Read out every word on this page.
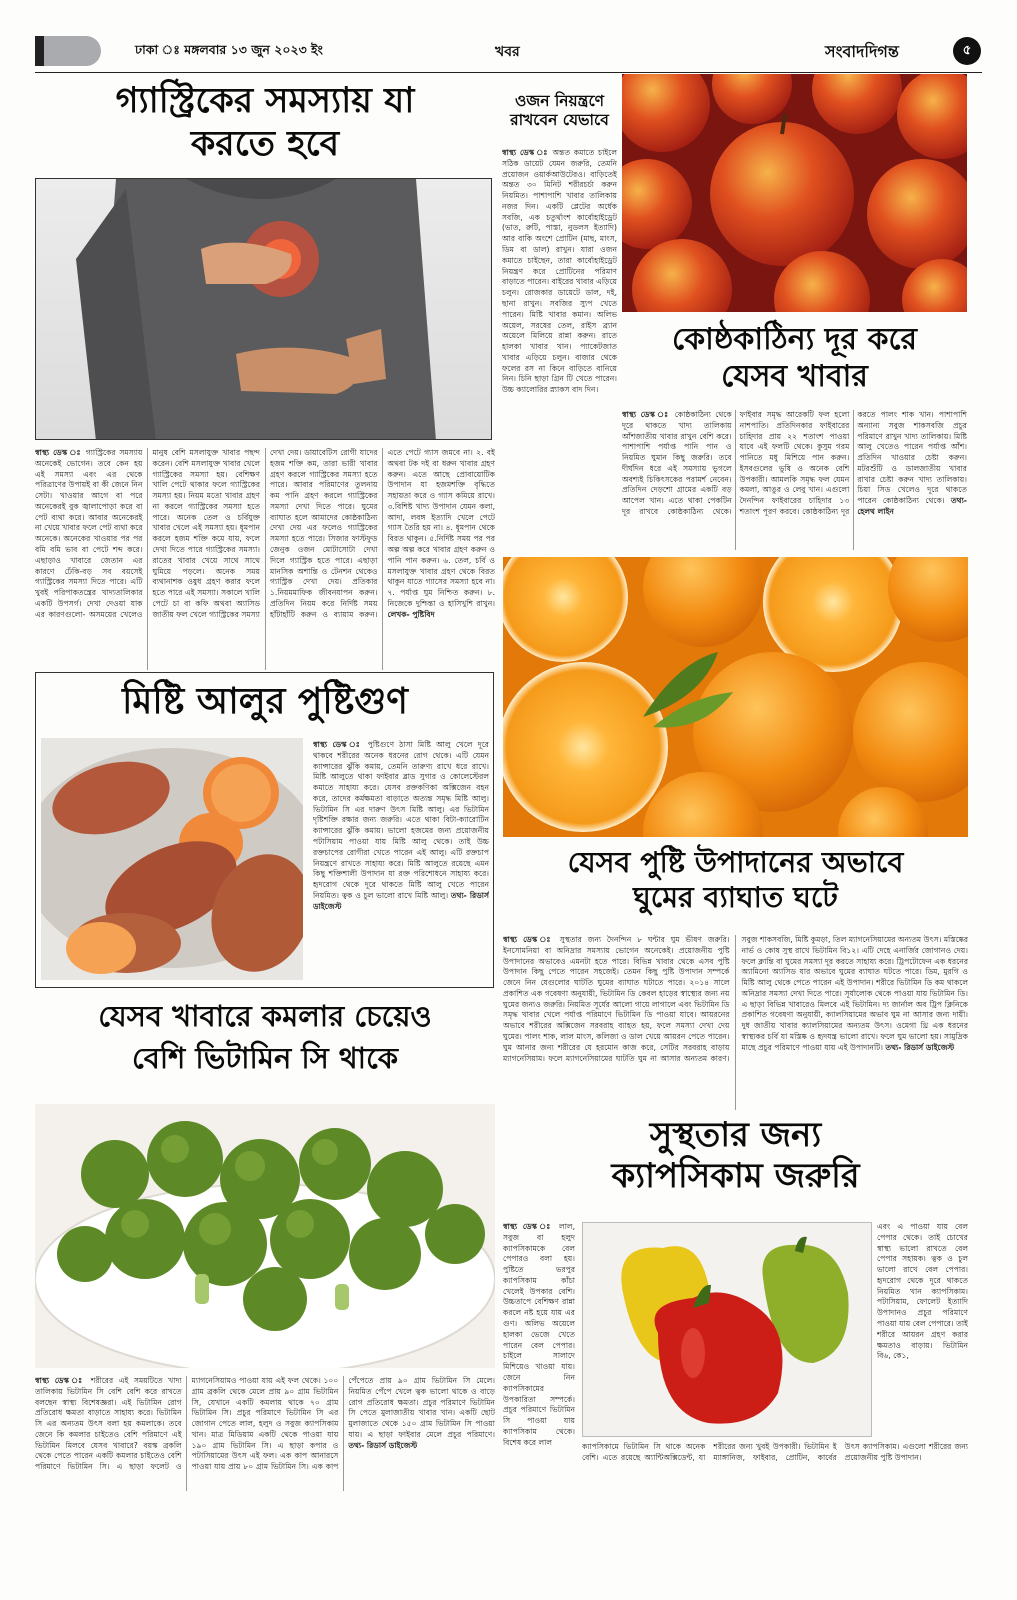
ঢাকা ঃ মঙ্গলবার ১৩ জুন ২০২৩ ইং	খবর	সংবাদদিগন্ত	৫
গ্যাস্ট্রিকের সমস্যায় যা
করতে হবে
স্বাস্থ্য ডেস্ক ঃ গ্যাস্ট্রিকের সমস্যায় অনেকেই ভোগেন। তবে কেন হয় এই সমস্যা এবং এর থেকে পরিত্রাণের উপায়ই বা কী জেনে নিন সেটা। খাওয়ার আগে বা পরে অনেকেরই বুক জ্বালাপোড়া করে বা পেট ব্যথা করে। আবার অনেকেরই না খেয়ে খাবার ফলে পেট ব্যথা করে অনেকে। অনেকের খাওয়ার পর পর বমি বমি ভাব বা পেটে শব্দ করে। এছাড়াও খাবারে জেতান এর কারণে ঢেঁকি-বড় সব বয়সেই গ্যাস্ট্রিকের সমস্যা দিতে পারে। এটি খুবই পরিপাকতন্ত্রের খাদ্যতালিকার একটি উপসর্গ। দেখা দেওয়া যাক এর কারণগুলো- অসময়ের খেলেও মানুষ বেশি মসলাযুক্ত খাবার পছন্দ করেন। বেশি মসলাযুক্ত খাবার খেলে গ্যাস্ট্রিকের সমস্যা হয়। বেশিক্ষণ খালি পেটে থাকার ফলে গ্যাস্ট্রিকের সমস্যা হয়। নিয়ম মতো খাবার গ্রহণ না করলে গ্যাস্ট্রিকের সমস্যা হতে পারে। অনেক তেল ও চর্বিযুক্ত খাবার খেলে এই সমস্যা হয়। ধূমপান করলে হজম শক্তি কমে যায়, ফলে দেখা দিতে পারে গ্যাস্ট্রিকের সমস্যা। রাতের খাবার খেয়ে সাথে সাথে ঘুমিয়ে পড়লে। অনেক সময় ব্যথানাশক ওষুধ গ্রহণ করার ফলে হতে পারে এই সমস্যা। সকালে খালি পেটে চা বা কফি অথবা অ্যাসিড জাতীয় ফল খেলে গ্যাস্ট্রিকের সমস্যা দেখা দেয়। ডায়াবেটিস রোগী যাদের হজম শক্তি কম, তারা ভারী খাবার গ্রহণ করলে গ্যাস্ট্রিকের সমস্যা হতে পারে। আবার পরিমাণের তুলনায় কম পানি গ্রহণ করলে গ্যাস্ট্রিকের সমস্যা দেখা দিতে পারে। ঘুমের ব্যাঘাত হলে আমাদের কোষ্ঠকাঠিন্য দেখা দেয় এর ফলেও গ্যাস্ট্রিকের সমস্যা হতে পারে। সিজার ফাস্টফুড জেনুক ওজন মোটাসোটা দেখা দিলে গ্যাস্ট্রিক হতে পারে। এছাড়া মানসিক অশান্তি ও টেনশন থেকেও গ্যাস্ট্রিক দেখা দেয়। প্রতিকার ১.নিয়মমাফিক জীবনযাপন করুন। প্রতিদিন নিয়ম করে নির্দিষ্ট সময় হাঁটাহাঁটি করুন ও ব্যায়াম করুন। এতে পেটে গ্যাস জমবে না। ২. বই অথবা টক দই বা ধরুন খাবার গ্রহণ করুন। এতে আছে প্রোবায়োটিক উপাদান যা হজমশক্তি বৃদ্ধিতে সহায়তা করে ও গ্যাস কমিয়ে রাখে। ৩.বিশিষ্ট খাদ্য উপাদান যেমন কলা, আদা, লবঙ্গ ইত্যাদি খেলে পেটে গ্যাস তৈরি হয় না। ৪. ধূমপান থেকে বিরত থাকুন। ৫.নির্দিষ্ট সময় পর পর অল্প অল্প করে খাবার গ্রহণ করুন ও পানি পান করুন। ৬. তেল, চর্বি ও মসলাযুক্ত খাবার গ্রহণ থেকে বিরত থাকুন যাতে গ্যাসের সমস্যা হবে না। ৭. পর্যাপ্ত ঘুম নিশ্চিত করুন। ৮. নিজেকে দুশ্চিন্তা ও হাসিখুশি রাখুন। লেখক- পুষ্টিবিদ
ওজন নিয়ন্ত্রণে
রাখবেন যেভাবে
স্বাস্থ্য ডেস্ক ঃ অন্তত কমাতে চাইলে সঠিক ডায়েট যেমন জরুরি, তেমনি প্রয়োজন ওয়ার্কআউটেরও। বাড়িতেই অন্তত ৩০ মিনিট শরীরচর্চা করুন নিয়মিত। পাশাপাশি খাবার তালিকায় নজর দিন। একটি প্লেটের অর্ধেক সবজি, এক চতুর্থাংশ কার্বোহাইড্রেট (ভাত, রুটি, পাস্তা, নুডলস ইত্যাদি) আর বাকি অংশে প্রোটিন (মাছ, মাংস, ডিম বা ডাল) রাখুন। যারা ওজন কমাতে চাইছেন, তারা কার্বোহাইড্রেট নিয়ন্ত্রণ করে প্রোটিনের পরিমাণ বাড়াতে পারেন। বাইরের খাবার এড়িয়ে চলুন। রোজকার ডায়েটে ডাল, দই, ছানা রাখুন। সবজির স্যুপ খেতে পারেন। মিষ্টি খাবার কমান। অলিভ অয়েল, সরষের তেল, রাইস ব্র্যান অয়েলে মিলিয়ে রান্না করুন। রাতে হালকা খাবার খান। প্যাকেটজাত খাবার এড়িয়ে চলুন। বাজার থেকে ফলের রস না কিনে বাড়িতে বানিয়ে নিন। চিনি ছাড়া গ্রিন টি খেতে পারেন। উচ্চ ক্যালোরির স্ন্যাকস বাদ দিন।
কোষ্ঠকাঠিন্য দূর করে
যেসব খাবার
স্বাস্থ্য ডেস্ক ঃ কোষ্ঠকাঠিন্য থেকে দূরে থাকতে খাদ্য তালিকায় আঁশজাতীয় খাবার রাখুন বেশি করে। পাশাপাশি পর্যাপ্ত পানি পান ও নিয়মিত ঘুমান কিছু জরুরি। তবে দীর্ঘদিন ধরে এই সমস্যায় ভুগলে অবশ্যই চিকিৎসকের পরামর্শ নেবেন। প্রতিদিন দেড়শো গ্রামের একটি বড় আপেল খান। এতে থাকা পেকটিন দূর রাখবে কোষ্ঠকাঠিন্য থেকে। ফাইবার সমৃদ্ধ আরেকটি ফল হলো নাশপাতি। প্রতিদিনকার ফাইবারের চাহিদার প্রায় ২২ শতাংশ পাওয়া যাবে এই ফলটি থেকে। কুসুম গরম পানিতে মধু মিশিয়ে পান করুন। ইসবগুলের ভুষি ও অনেক বেশি উপকারী। আমলকি সমৃদ্ধ ফল যেমন কমলা, আঙুর ও লেবু খান। এগুলো দৈনন্দিন ফাইবারের চাহিদার ১৩ শতাংশ পূরণ করবে। কোষ্ঠকাঠিন্য দূর করতে পালং শাক খান। পাশাপাশি অন্যান্য সবুজ শাকসবজি প্রচুর পরিমাণে রাখুন খাদ্য তালিকায়। মিষ্টি আলু খেতেও পারেন পর্যাপ্ত আঁশ। প্রতিদিন খাওয়ার চেষ্টা করুন। মটরশুঁটি ও ডালজাতীয় খাবার রাখার চেষ্টা করুন খাদ্য তালিকায়। চিয়া সিড খেলেও দূরে থাকতে পারেন কোষ্ঠকাঠিন্য থেকে। তথ্য- হেলথ লাইন
মিষ্টি আলুর পুষ্টিগুণ
স্বাস্থ্য ডেস্ক ঃ পুষ্টিগুণে ঠাসা মিষ্টি আলু খেলে দূরে থাকবে শরীরের অনেক ধরনের রোগ থেকে। এটি যেমন ক্যান্সারের ঝুঁকি কমায়, তেমনি তারুণ্য রাখে ধরে রাখে। মিষ্টি আলুতে থাকা ফাইবার ব্লাড সুগার ও কোলেস্টেরল কমাতে সাহায্য করে। যেসব রক্তকণিকা অক্সিজেন বহন করে, তাদের কর্মক্ষমতা বাড়াতে অত্যন্ত সমৃদ্ধ মিষ্টি আলু। ভিটামিন সি এর দারুণ উৎস মিষ্টি আলু। এর ভিটামিন দৃষ্টিশক্তি রক্ষার জন্য জরুরি। এতে থাকা বিটা-ক্যারোটিন ক্যান্সারের ঝুঁকি কমায়। ভালো হজমের জন্য প্রয়োজনীয় পটাসিয়াম পাওয়া যায় মিষ্টি আলু থেকে। তাই উচ্চ রক্তচাপের রোগীরা খেতে পারেন এই আলু। এটি রক্তচাপ নিয়ন্ত্রণে রাখতে সাহায্য করে। মিষ্টি আলুতে রয়েছে এমন কিছু শক্তিশালী উপাদান যা রক্ত পরিশোধনে সাহায্য করে। হৃদরোগ থেকে দূরে থাকতে মিষ্টি আলু খেতে পারেন নিয়মিত। ত্বক ও চুল ভালো রাখে মিষ্টি আলু। তথ্য- রিডার্স ডাইজেস্ট
যেসব পুষ্টি উপাদানের অভাবে
ঘুমের ব্যাঘাত ঘটে
স্বাস্থ্য ডেস্ক ঃ সুস্থতার জন্য দৈনন্দিন ৮ ঘন্টার ঘুম ভীষণ জরুরি। ইনসোমনিয়া বা অনিদ্রার সমস্যায় ভোগেন অনেকেই। প্রয়োজনীয় পুষ্টি উপাদানের অভাবেও এমনটা হতে পারে। বিভিন্ন খাবার থেকে এসব পুষ্টি উপাদান কিছু পেতে পারেন সহজেই। তেমন কিছু পুষ্টি উপাদান সম্পর্কে জেনে নিন যেগুলোর ঘাটতি ঘুমের ব্যাঘাত ঘটাতে পারে। ২০১৪ সালে প্রকাশিত এক গবেষণা অনুযায়ী, ভিটামিন ডি কেবল হাড়ের স্বাস্থ্যের জন্য নয় ঘুমের জন্যও জরুরি। নিয়মিত সূর্যের আলো গায়ে লাগালে এবং ভিটামিন ডি সমৃদ্ধ খাবার খেলে পর্যাপ্ত পরিমাণে ভিটামিন ডি পাওয়া যাবে। আয়রনের অভাবে শরীরের অক্সিজেন সরবরাহ ব্যাহত হয়, ফলে সমস্যা দেখা দেয় ঘুমের। পালং শাক, লাল মাংস, কলিজা ও ডাল খেয়ে আয়রন পেতে পারেন। ঘুম আনার জন্য শরীরের যে হরমোন কাজ করে, সেটির সরবরাহ বাড়ায় ম্যাগনেসিয়াম। ফলে ম্যাগনেসিয়ামের ঘাটতি ঘুম না আসার অন্যতম কারণ। সবুজ শাকসবজি, মিষ্টি কুমড়া, তিল ম্যাগনেসিয়ামের অন্যতম উৎস। মস্তিষ্কের নার্ভ ও কোষ সুস্থ রাখে ভিটামিন বি১২। এটি দেহে এনার্জির জোগানও দেয়। ফলে ক্লান্তি বা ঘুমের সমস্যা দূর করতে সাহায্য করে। ট্রিপটোফেন এক ধরনের অ্যামিনো অ্যাসিড যার অভাবে ঘুমের ব্যাঘাত ঘটতে পারে। ডিম, মুরগি ও মিষ্টি আলু থেকে পেতে পারেন এই উপাদান। শরীরে ভিটামিন ডি কম থাকলে অনিদ্রার সমস্যা দেখা দিতে পারে। সূর্যালোক থেকে পাওয়া যায় ভিটামিন ডি। এ ছাড়া বিভিন্ন খাবারেও মিলবে এই ভিটামিন। দ্য জার্নাল অব ট্রিপ ক্লিনিকে প্রকাশিত গবেষণা অনুযায়ী, ক্যালসিয়ামের অভাব ঘুম না আসার জন্য দায়ী। দুধ জাতীয় খাবার ক্যালসিয়ামের অন্যতম উৎস। ওমেগা থ্রি এক ধরনের স্বাস্থ্যকর চর্বি যা মস্তিষ্ক ও হৃদযন্ত্র ভালো রাখে। ফলে ঘুম ভালো হয়। সামুদ্রিক মাছে প্রচুর পরিমাণে পাওয়া যায় এই উপাদানটি। তথ্য- রিডার্স ডাইজেস্ট
যেসব খাবারে কমলার চেয়েও
বেশি ভিটামিন সি থাকে
স্বাস্থ্য ডেস্ক ঃ শরীরের এই সময়টিতে খাদ্য তালিকায় ভিটামিন সি বেশি বেশি করে রাখতে বলছেন স্বাস্থ্য বিশেষজ্ঞরা। এই ভিটামিন রোগ প্রতিরোধ ক্ষমতা বাড়াতে সাহায্য করে। ভিটামিন সি এর অন্যতম উৎস বলা হয় কমলাকে। তবে জেনে কি কমলার চাইতেও বেশি পরিমাণে এই ভিটামিন মিলবে যেসব খাবারে? বয়স্ক ব্রকলি থেকে পেতে পারেন একটি কমলার চাইতেও বেশি পরিমাণে ভিটামিন সি। এ ছাড়া ফলেট ও ম্যাগনেসিয়ামও পাওয়া যায় এই ফল থেকে। ১০০ গ্রাম ব্রকলি থেকে মেলে প্রায় ৯০ গ্রাম ভিটামিন সি, যেখানে একটি কমলায় থাকে ৭০ গ্রাম ভিটামিন সি। প্রচুর পরিমাণে ভিটামিন সি এর জোগান পেতে লাল, হলুদ ও সবুজ ক্যাপসিকাম খান। মাত্র মিডিয়াম একটি থেকে পাওয়া যায় ১৯০ গ্রাম ভিটামিন সি। এ ছাড়া কপার ও পটাসিয়ামের উৎস এই ফল। এক কাপ আনারসে পাওয়া যায় প্রায় ৮০ গ্রাম ভিটামিন সি। এক কাপ পেঁপেতে প্রায় ৯০ গ্রাম ভিটামিন সি মেলে। নিয়মিত পেঁপে খেলে ত্বক ভালো থাকে ও বাড়ে রোগ প্রতিরোধ ক্ষমতা। প্রচুর পরিমাণে ভিটামিন সি পেতে মুলাজাতীয় খাবার খান। একটি ছোট মুলাজাতে থেকে ১৫০ গ্রাম ভিটামিন সি পাওয়া যায়। এ ছাড়া ফাইবার মেলে প্রচুর পরিমাণে। তথ্য- রিডার্স ডাইজেস্ট
সুস্থতার জন্য
ক্যাপসিকাম জরুরি
স্বাস্থ্য ডেস্ক ঃ লাল, সবুজ বা হলুদ ক্যাপসিকামকে বেল পেপারও বলা হয়। পুষ্টিতে ভরপুর ক্যাপসিকাম কাঁচা খেলেই উপকার বেশি। উচ্চতাপে বেশিক্ষণ রান্না করলে নষ্ট হয়ে যায় এর গুণ। অলিভ অয়েলে হালকা ভেজে খেতে পারেন বেল পেপার। চাইলে সালাদে মিশিয়েও খাওয়া যায়। জেনে নিন ক্যাপসিকামের উপকারিতা সম্পর্কে। প্রচুর পরিমাণে ভিটামিন সি পাওয়া যায় ক্যাপসিকাম থেকে। বিশেষ করে লাল
এবং এ পাওয়া যায় বেল পেপার থেকে। তাই চোখের স্বাস্থ্য ভালো রাখতে বেল পেপার সহায়ক। ত্বক ও চুল ভালো রাখে বেল পেপার। হৃদরোগ থেকে দূরে থাকতে নিয়মিত খান ক্যাপসিকাম। পটাসিয়াম, ফোলেট ইত্যাদি উপাদানও প্রচুর পরিমাণে পাওয়া যায় বেল পেপারে। তাই শরীরে আয়রন গ্রহণ করার ক্ষমতাও বাড়ায়। ভিটামিন বি৬, কে১,
ক্যাপসিকামে ভিটামিন সি থাকে অনেক বেশি। এতে রয়েছে অ্যান্টিঅক্সিডেন্ট, যা শরীরের জন্য খুবই উপকারী। ভিটামিন ই ম্যাঙ্গানিজ, ফাইবার, প্রোটিন, কার্বের উৎস ক্যাপসিকাম। এগুলো শরীরের জন্য প্রয়োজনীয় পুষ্টি উপাদান।
